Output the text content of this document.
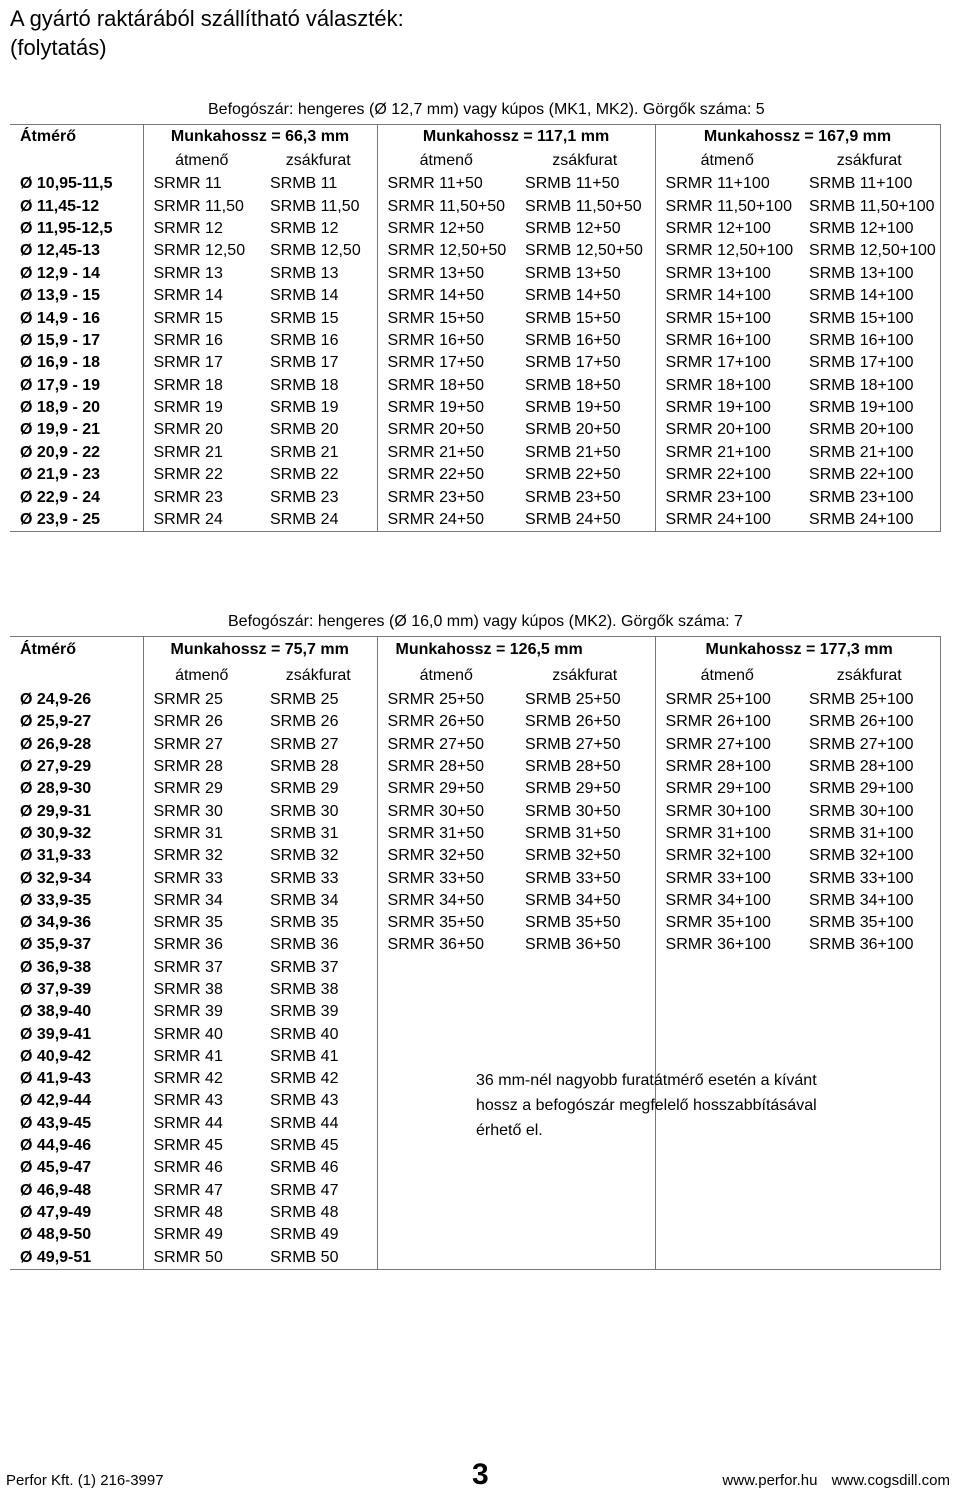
A gyártó raktárából szállítható választék:
(folytatás)
Befogószár: hengeres (Ø 12,7 mm) vagy kúpos (MK1, MK2). Görgők száma: 5
Átmérő	Munkahossz = 66,3 mm		Munkahossz = 117,1 mm		Munkahossz = 167,9 mm	
	átmenő	zsákfurat	átmenő	zsákfurat	átmenő	zsákfurat
Ø 10,95-11,5	SRMR 11	SRMB 11	SRMR 11+50	SRMB 11+50	SRMR 11+100	SRMB 11+100
Ø 11,45-12	SRMR 11,50	SRMB 11,50	SRMR 11,50+50	SRMB 11,50+50	SRMR 11,50+100	SRMB 11,50+100
Ø 11,95-12,5	SRMR 12	SRMB 12	SRMR 12+50	SRMB 12+50	SRMR 12+100	SRMB 12+100
Ø 12,45-13	SRMR 12,50	SRMB 12,50	SRMR 12,50+50	SRMB 12,50+50	SRMR 12,50+100	SRMB 12,50+100
Ø 12,9 - 14	SRMR 13	SRMB 13	SRMR 13+50	SRMB 13+50	SRMR 13+100	SRMB 13+100
Ø 13,9 - 15	SRMR 14	SRMB 14	SRMR 14+50	SRMB 14+50	SRMR 14+100	SRMB 14+100
Ø 14,9 - 16	SRMR 15	SRMB 15	SRMR 15+50	SRMB 15+50	SRMR 15+100	SRMB 15+100
Ø 15,9 - 17	SRMR 16	SRMB 16	SRMR 16+50	SRMB 16+50	SRMR 16+100	SRMB 16+100
Ø 16,9 - 18	SRMR 17	SRMB 17	SRMR 17+50	SRMB 17+50	SRMR 17+100	SRMB 17+100
Ø 17,9 - 19	SRMR 18	SRMB 18	SRMR 18+50	SRMB 18+50	SRMR 18+100	SRMB 18+100
Ø 18,9 - 20	SRMR 19	SRMB 19	SRMR 19+50	SRMB 19+50	SRMR 19+100	SRMB 19+100
Ø 19,9 - 21	SRMR 20	SRMB 20	SRMR 20+50	SRMB 20+50	SRMR 20+100	SRMB 20+100
Ø 20,9 - 22	SRMR 21	SRMB 21	SRMR 21+50	SRMB 21+50	SRMR 21+100	SRMB 21+100
Ø 21,9 - 23	SRMR 22	SRMB 22	SRMR 22+50	SRMB 22+50	SRMR 22+100	SRMB 22+100
Ø 22,9 - 24	SRMR 23	SRMB 23	SRMR 23+50	SRMB 23+50	SRMR 23+100	SRMB 23+100
Ø 23,9 - 25	SRMR 24	SRMB 24	SRMR 24+50	SRMB 24+50	SRMR 24+100	SRMB 24+100
Befogószár: hengeres (Ø 16,0 mm) vagy kúpos (MK2). Görgők száma: 7
Átmérő	Munkahossz = 75,7 mm		Munkahossz = 126,5 mm		Munkahossz = 177,3 mm	
	átmenő	zsákfurat	átmenő	zsákfurat	átmenő	zsákfurat
Ø 24,9-26	SRMR 25	SRMB 25	SRMR 25+50	SRMB 25+50	SRMR 25+100	SRMB 25+100
Ø 25,9-27	SRMR 26	SRMB 26	SRMR 26+50	SRMB 26+50	SRMR 26+100	SRMB 26+100
Ø 26,9-28	SRMR 27	SRMB 27	SRMR 27+50	SRMB 27+50	SRMR 27+100	SRMB 27+100
Ø 27,9-29	SRMR 28	SRMB 28	SRMR 28+50	SRMB 28+50	SRMR 28+100	SRMB 28+100
Ø 28,9-30	SRMR 29	SRMB 29	SRMR 29+50	SRMB 29+50	SRMR 29+100	SRMB 29+100
Ø 29,9-31	SRMR 30	SRMB 30	SRMR 30+50	SRMB 30+50	SRMR 30+100	SRMB 30+100
Ø 30,9-32	SRMR 31	SRMB 31	SRMR 31+50	SRMB 31+50	SRMR 31+100	SRMB 31+100
Ø 31,9-33	SRMR 32	SRMB 32	SRMR 32+50	SRMB 32+50	SRMR 32+100	SRMB 32+100
Ø 32,9-34	SRMR 33	SRMB 33	SRMR 33+50	SRMB 33+50	SRMR 33+100	SRMB 33+100
Ø 33,9-35	SRMR 34	SRMB 34	SRMR 34+50	SRMB 34+50	SRMR 34+100	SRMB 34+100
Ø 34,9-36	SRMR 35	SRMB 35	SRMR 35+50	SRMB 35+50	SRMR 35+100	SRMB 35+100
Ø 35,9-37	SRMR 36	SRMB 36	SRMR 36+50	SRMB 36+50	SRMR 36+100	SRMB 36+100
Ø 36,9-38	SRMR 37	SRMB 37				
Ø 37,9-39	SRMR 38	SRMB 38				
Ø 38,9-40	SRMR 39	SRMB 39				
Ø 39,9-41	SRMR 40	SRMB 40				
Ø 40,9-42	SRMR 41	SRMB 41				
Ø 41,9-43	SRMR 42	SRMB 42				
Ø 42,9-44	SRMR 43	SRMB 43				
Ø 43,9-45	SRMR 44	SRMB 44				
Ø 44,9-46	SRMR 45	SRMB 45				
Ø 45,9-47	SRMR 46	SRMB 46				
Ø 46,9-48	SRMR 47	SRMB 47				
Ø 47,9-49	SRMR 48	SRMB 48				
Ø 48,9-50	SRMR 49	SRMB 49				
Ø 49,9-51	SRMR 50	SRMB 50				
36 mm-nél nagyobb furatátmérő esetén a kívánt hossz a befogószár megfelelő hosszabbításával érhető el.
Perfor Kft. (1) 216-3997	3	www.perfor.hu www.cogsdill.com
